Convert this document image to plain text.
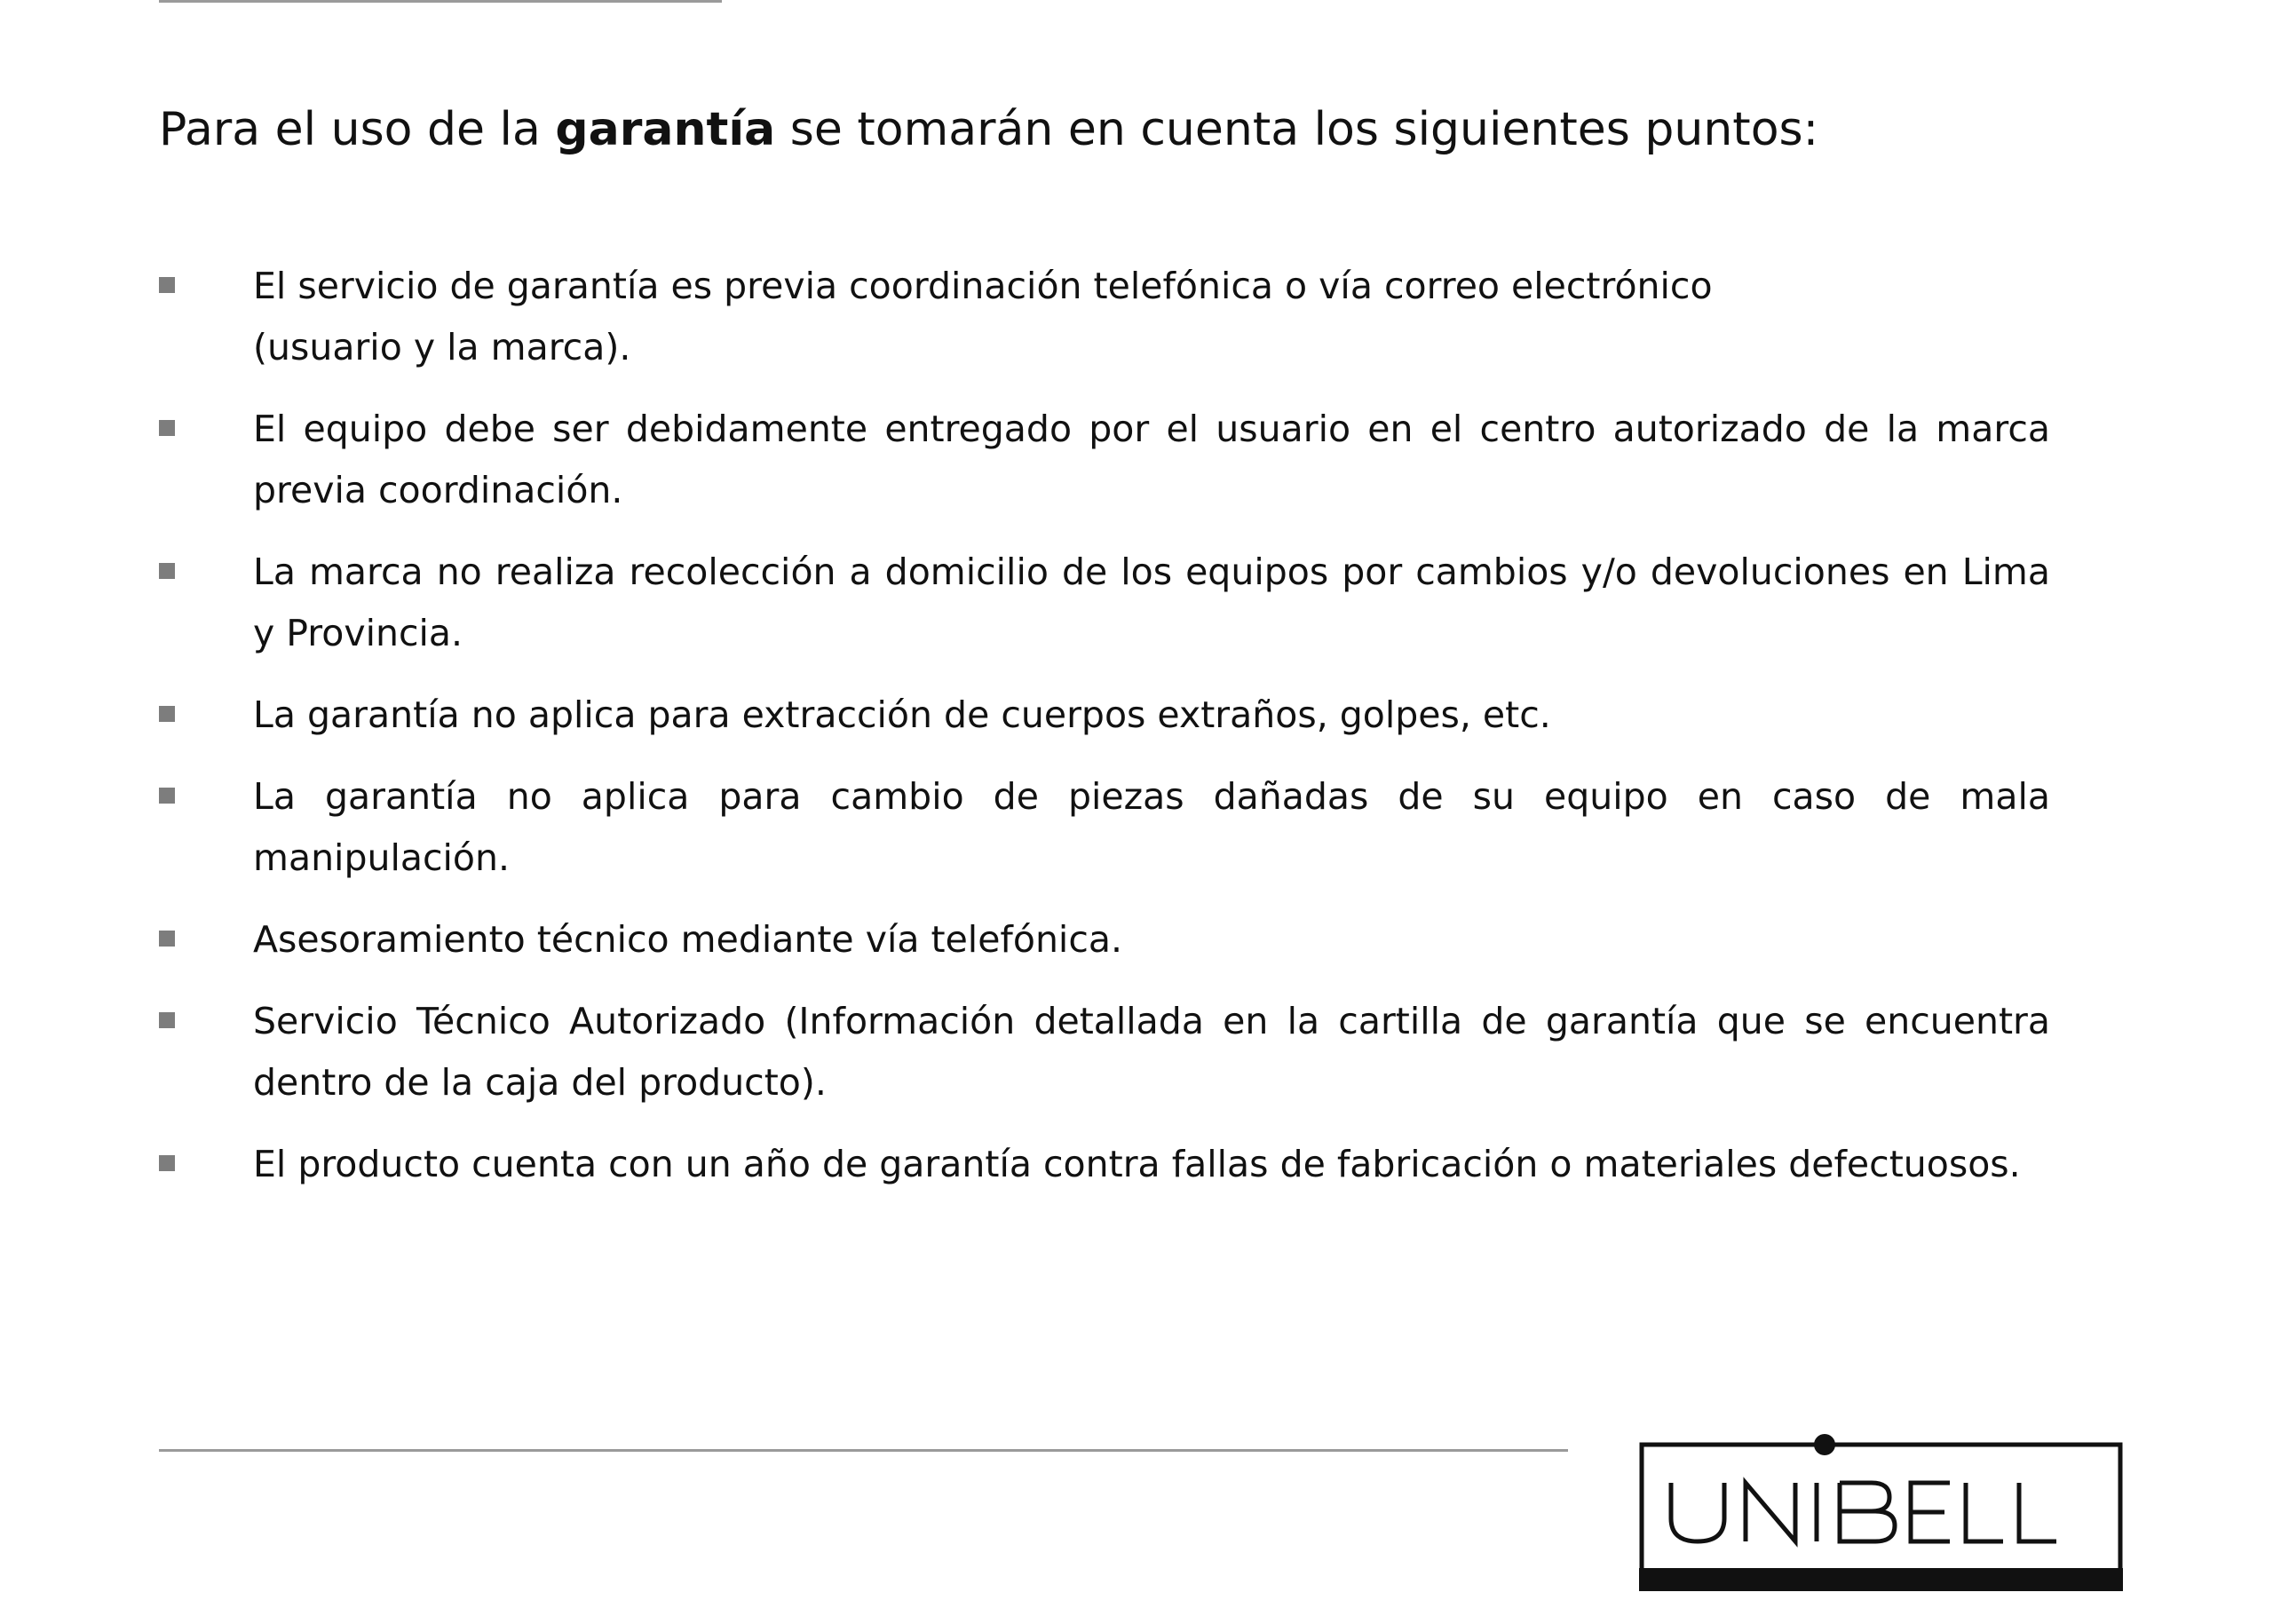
Para el uso de la garantía se tomarán en cuenta los siguientes puntos:
El servicio de garantía es previa coordinación telefónica o vía correo electrónico
(usuario y la marca).
El equipo debe ser debidamente entregado por el usuario en el centro autorizado de la marca previa coordinación.
La marca no realiza recolección a domicilio de los equipos por cambios y/o devoluciones en Lima y Provincia.
La garantía no aplica para extracción de cuerpos extraños, golpes, etc.
La garantía no aplica para cambio de piezas dañadas de su equipo en caso de mala manipulación.
Asesoramiento técnico mediante vía telefónica.
Servicio Técnico Autorizado (Información detallada en la cartilla de garantía que se encuentra dentro de la caja del producto).
El producto cuenta con un año de garantía contra fallas de fabricación o materiales defectuosos.
